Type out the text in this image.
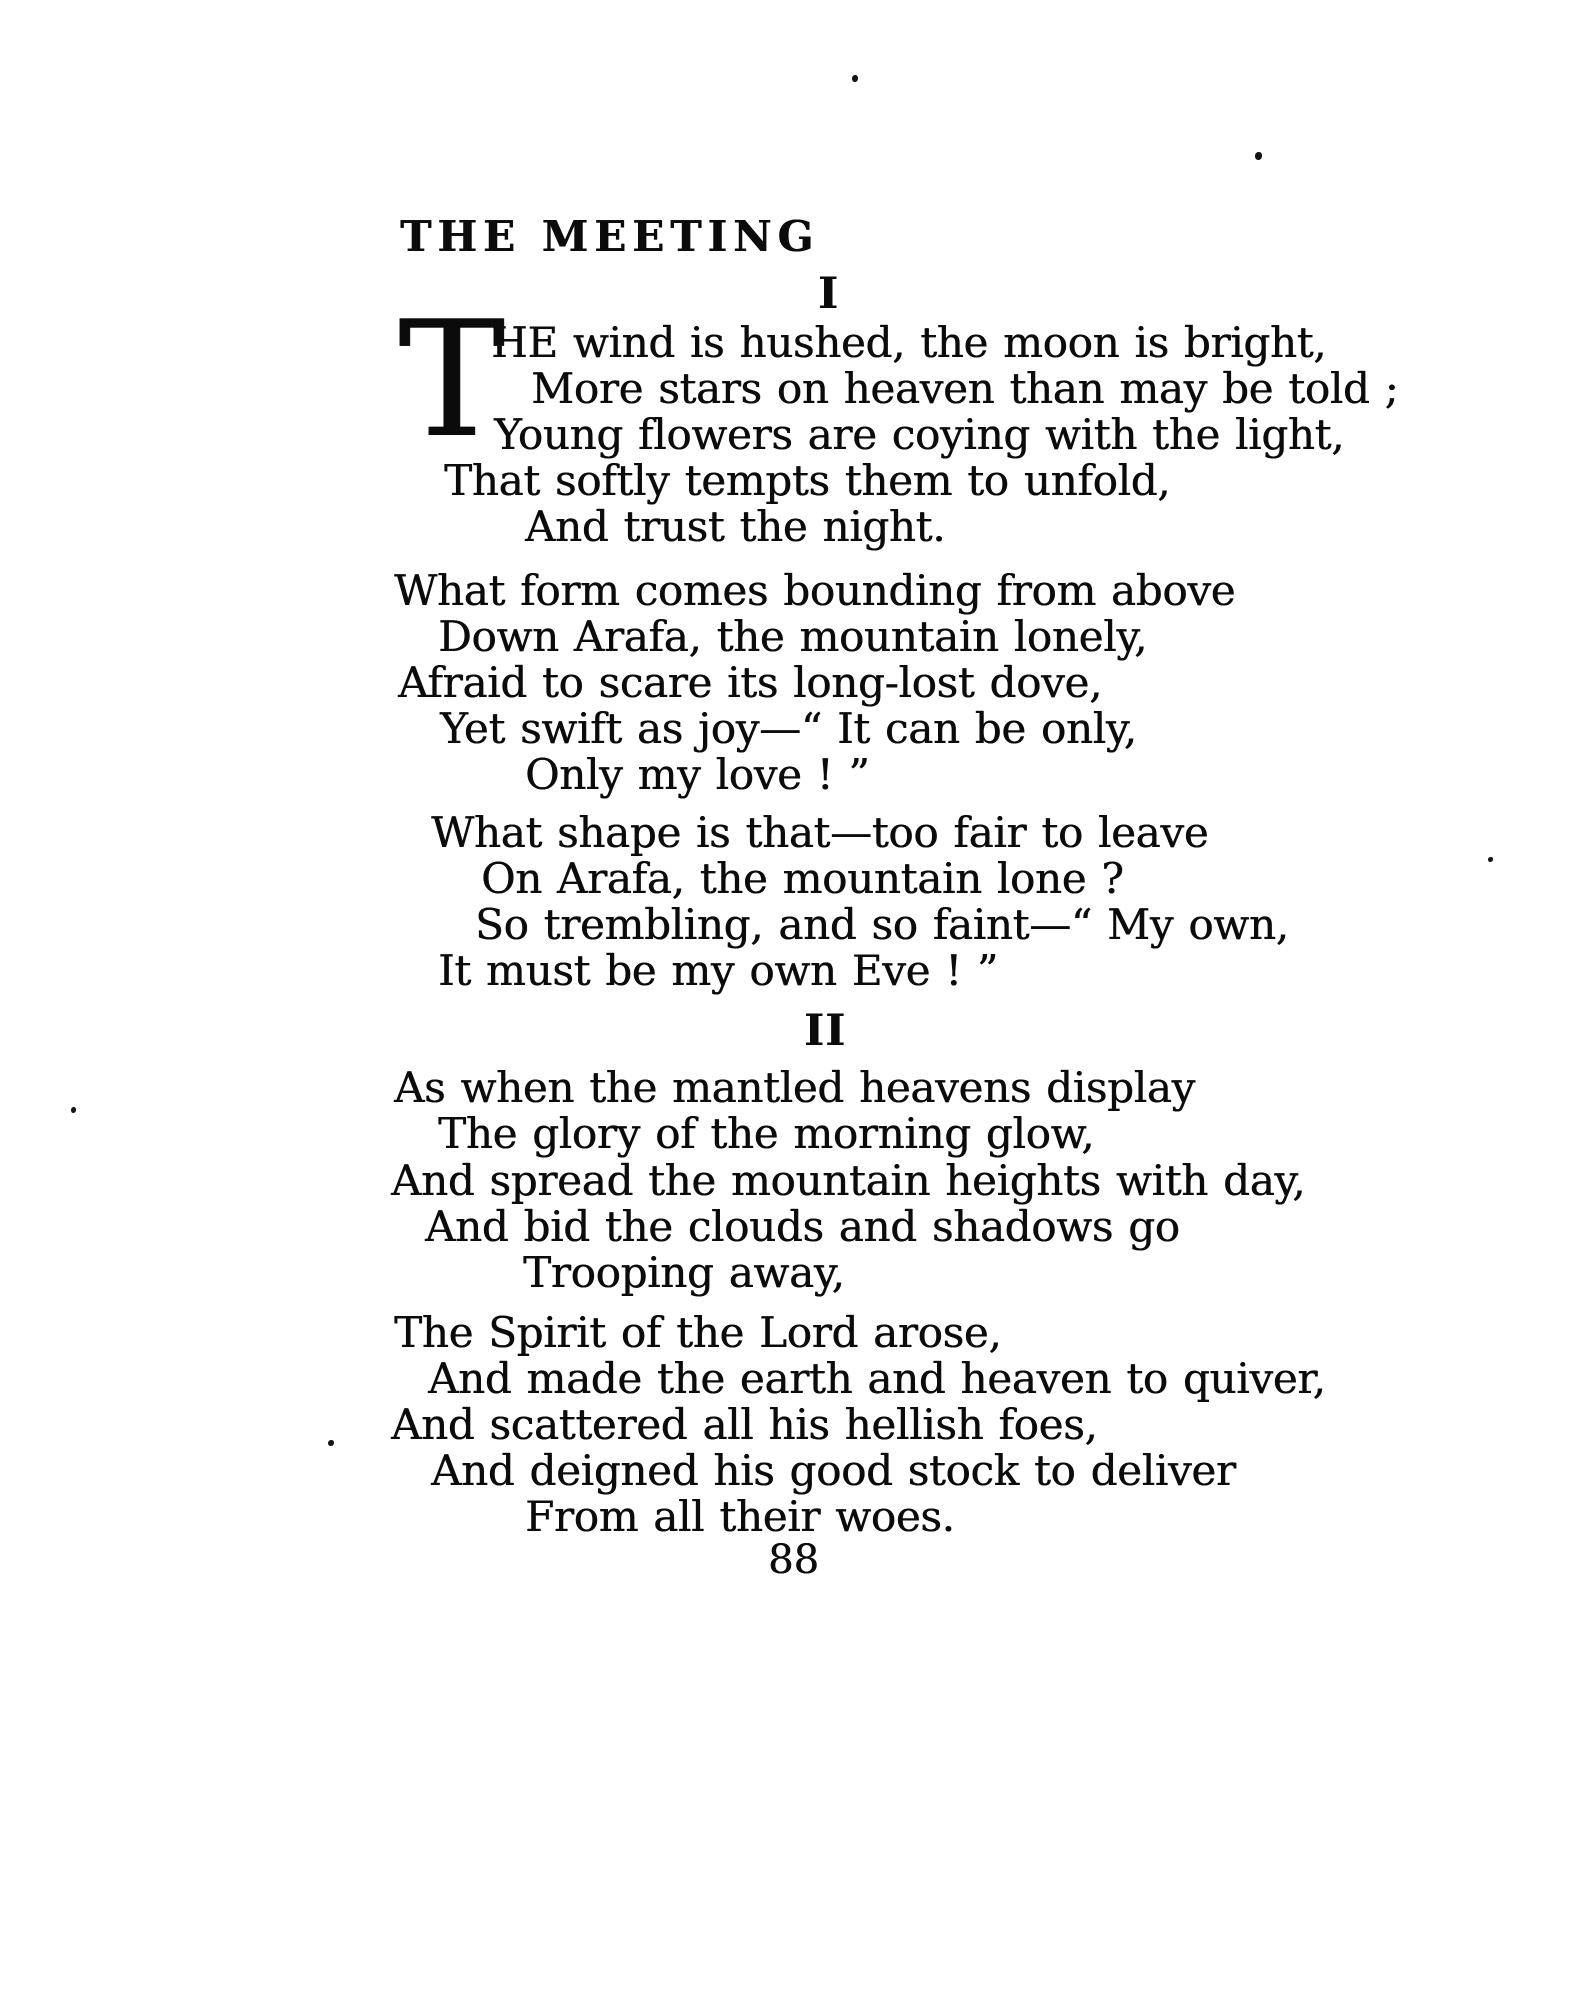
THE MEETING
I
T
HE wind is hushed, the moon is bright,
More stars on heaven than may be told ;
Young flowers are coying with the light,
That softly tempts them to unfold,
And trust the night.
What form comes bounding from above
Down Arafa, the mountain lonely,
Afraid to scare its long-lost dove,
Yet swift as joy—“ It can be only,
Only my love ! ”
What shape is that—too fair to leave
On Arafa, the mountain lone ?
So trembling, and so faint—“ My own,
It must be my own Eve ! ”
II
As when the mantled heavens display
The glory of the morning glow,
And spread the mountain heights with day,
And bid the clouds and shadows go
Trooping away,
The Spirit of the Lord arose,
And made the earth and heaven to quiver,
And scattered all his hellish foes,
And deigned his good stock to deliver
From all their woes.
88
